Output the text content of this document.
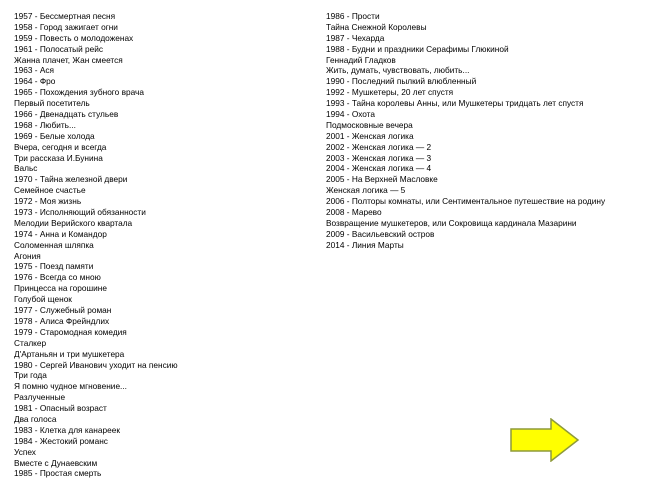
1957 - Бессмертная песня
1958 - Город зажигает огни
1959 - Повесть о молодоженах
1961 - Полосатый рейс
Жанна плачет, Жан смеется
1963 - Ася
1964 - Фро
1965 - Похождения зубного врача
Первый посетитель
1966 - Двенадцать стульев
1968 - Любить...
1969 - Белые холода
Вчера, сегодня и всегда
Три рассказа И.Бунина
Вальс
1970 - Тайна железной двери
Семейное счастье
1972 - Моя жизнь
1973 - Исполняющий обязанности
Мелодии Верийского квартала
1974 - Анна и Командор
Соломенная шляпка
Агония
1975 - Поезд памяти
1976 - Всегда со мною
Принцесса на горошине
Голубой щенок
1977 - Служебный роман
1978 - Алиса Фрейндлих
1979 - Старомодная комедия
Сталкер
Д'Артаньян и три мушкетера
1980 - Сергей Иванович уходит на пенсию
Три года
Я помню чудное мгновение...
Разлученные
1981 - Опасный возраст
Два голоса
1983 - Клетка для канареек
1984 - Жестокий романс
Успех
Вместе с Дунаевским
1985 - Простая смерть
1986 - Прости
Тайна Снежной Королевы
1987 - Чехарда
1988 - Будни и праздники Серафимы Глюкиной
Геннадий Гладков
Жить, думать, чувствовать, любить...
1990 - Последний пылкий влюбленный
1992 - Мушкетеры, 20 лет спустя
1993 - Тайна королевы Анны, или Мушкетеры тридцать лет спустя
1994 - Охота
Подмосковные вечера
2001 - Женская логика
2002 - Женская логика — 2
2003 - Женская логика — 3
2004 - Женская логика — 4
2005 - На Верхней Масловке
Женская логика — 5
2006 - Полторы комнаты, или Сентиментальное путешествие на родину
2008 - Марево
Возвращение мушкетеров, или Сокровища кардинала Мазарини
2009 - Васильевский остров
2014 - Линия Марты
